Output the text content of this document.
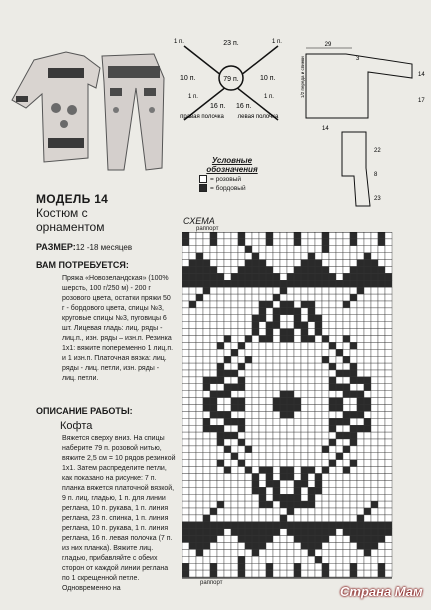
79 п.
23 п.
10 п.	10 п.
16 п. 16 п.
1 п.	1 п.
1 п.	1 п.
правая полочка левая полочка
29
3
14
17
14
1/2 переда и спинки
22
8
23
Условные обозначения
= розовый
= бордовый
МОДЕЛЬ 14
Костюм с орнаментом
РАЗМЕР:12 -18 месяцев
ВАМ ПОТРЕБУЕТСЯ:
Пряжа «Новозеландская» (100% шерсть, 100 г/250 м) - 200 г розового цвета, остатки пряжи 50 г - бордового цвета, спицы №3, круговые спицы №3, пуговицы 6 шт. Лицевая гладь: лиц. ряды - лиц.п., изн. ряды – изн.п. Резинка 1х1: вяжите попеременно 1 лиц.п. и 1 изн.п. Платочная вязка: лиц. ряды - лиц. петли, изн. ряды - лиц. петли.
ОПИСАНИЕ РАБОТЫ:
Кофта
Вяжется сверху вниз. На спицы наберите 79 п. розовой нитью, вяжите 2,5 см = 10 рядов резинкой 1х1. Затем распределите петли, как показано на рисунке: 7 п. планка вяжется платочной вязкой, 9 п. лиц. гладью, 1 п. для линии реглана, 10 п. рукава, 1 п. линия реглана, 23 п. спинка, 1 п. линия реглана, 10 п. рукава, 1 п. линия реглана, 16 п. левая полочка (7 п. из них планка). Вяжите лиц. гладью, прибавляйте с обеих сторон от каждой линии реглана по 1 скрещенной петле. Одновременно на
СХЕМА
раппорт
раппорт
Страна Мам
